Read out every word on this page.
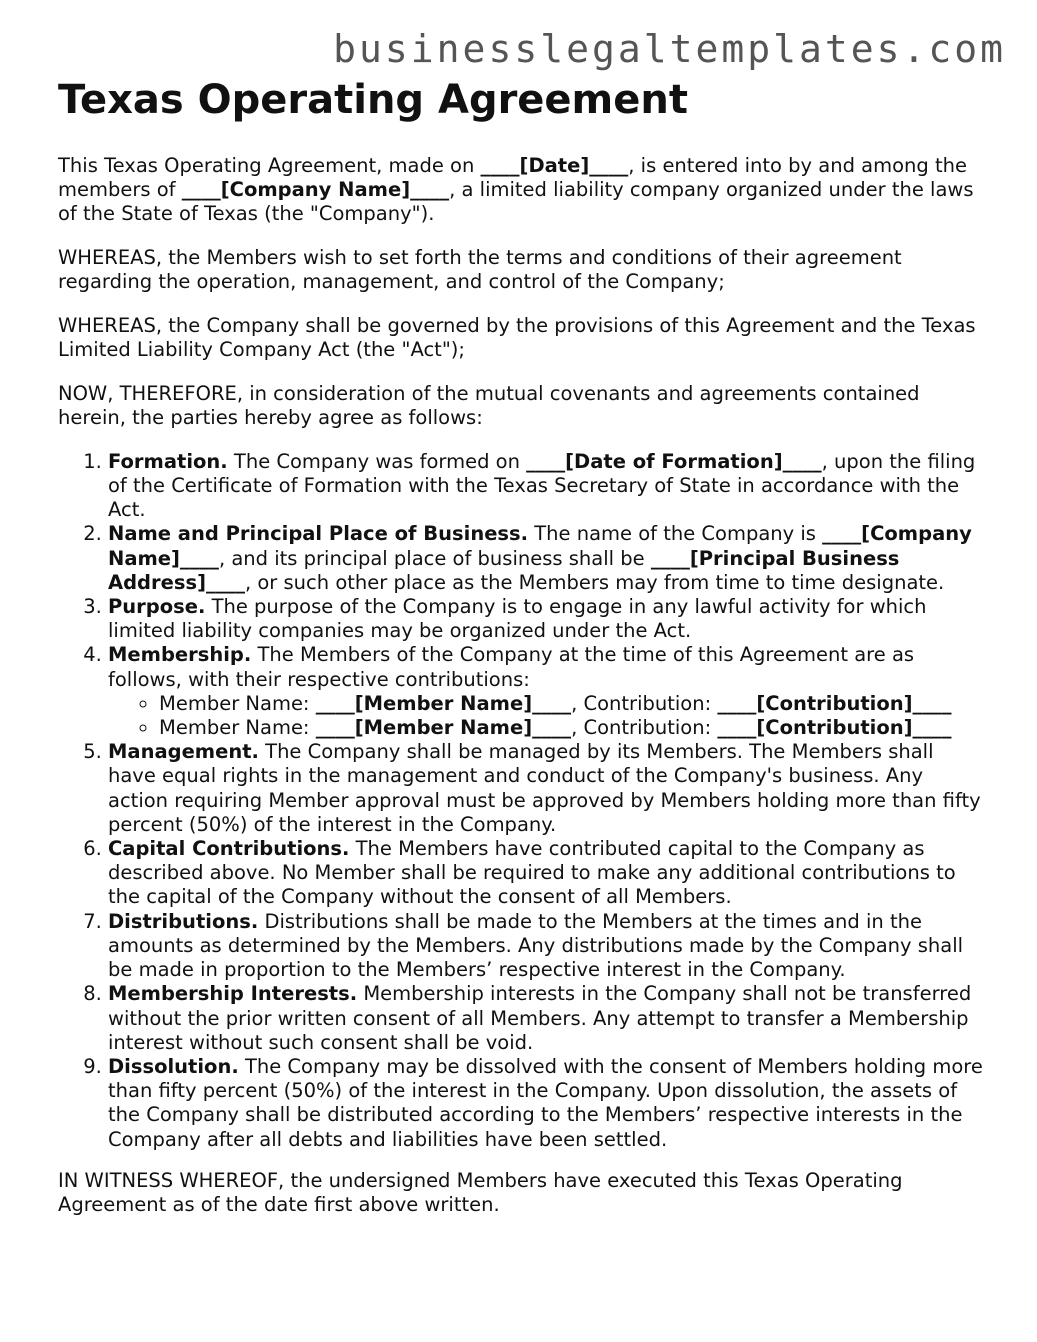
businesslegaltemplates.com
Texas Operating Agreement

This Texas Operating Agreement, made on ____[Date]____, is entered into by and among the members of ____[Company Name]____, a limited liability company organized under the laws of the State of Texas (the "Company").

WHEREAS, the Members wish to set forth the terms and conditions of their agreement regarding the operation, management, and control of the Company;

WHEREAS, the Company shall be governed by the provisions of this Agreement and the Texas Limited Liability Company Act (the "Act");

NOW, THEREFORE, in consideration of the mutual covenants and agreements contained herein, the parties hereby agree as follows:

1. Formation. The Company was formed on ____[Date of Formation]____, upon the filing of the Certificate of Formation with the Texas Secretary of State in accordance with the Act.
2. Name and Principal Place of Business. The name of the Company is ____[Company Name]____, and its principal place of business shall be ____[Principal Business Address]____, or such other place as the Members may from time to time designate.
3. Purpose. The purpose of the Company is to engage in any lawful activity for which limited liability companies may be organized under the Act.
4. Membership. The Members of the Company at the time of this Agreement are as follows, with their respective contributions:
◦ Member Name: ____[Member Name]____, Contribution: ____[Contribution]____
◦ Member Name: ____[Member Name]____, Contribution: ____[Contribution]____
5. Management. The Company shall be managed by its Members. The Members shall have equal rights in the management and conduct of the Company's business. Any action requiring Member approval must be approved by Members holding more than fifty percent (50%) of the interest in the Company.
6. Capital Contributions. The Members have contributed capital to the Company as described above. No Member shall be required to make any additional contributions to the capital of the Company without the consent of all Members.
7. Distributions. Distributions shall be made to the Members at the times and in the amounts as determined by the Members. Any distributions made by the Company shall be made in proportion to the Members’ respective interest in the Company.
8. Membership Interests. Membership interests in the Company shall not be transferred without the prior written consent of all Members. Any attempt to transfer a Membership interest without such consent shall be void.
9. Dissolution. The Company may be dissolved with the consent of Members holding more than fifty percent (50%) of the interest in the Company. Upon dissolution, the assets of the Company shall be distributed according to the Members’ respective interests in the Company after all debts and liabilities have been settled.

IN WITNESS WHEREOF, the undersigned Members have executed this Texas Operating Agreement as of the date first above written.
